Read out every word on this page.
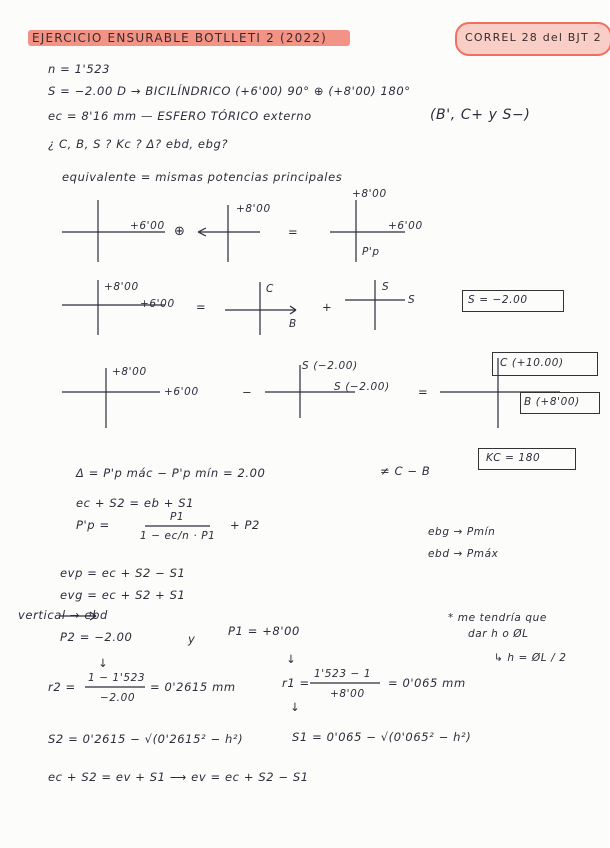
EJERCICIO ENSURABLE BOTLLETI 2 (2022)	CORREL 28 del BJT 2
n = 1'523
S = −2.00 D → BICILÍNDRICO (+6'00) 90° ⊕ (+8'00) 180°
ec = 8'16 mm — ESFERO TÓRICO externo	(B', C+ y S−)
¿ C, B, S ? Kc ? Δ? ebd, ebg?
equivalente = mismas potencias principales
+6'00 ⊕
+8'00
=
+8'00
+6'00
P'p
+8'00
+6'00 =
C
B
+
S
S	S = −2.00
+8'00
+6'00	−
S (−2.00)
S (−2.00) =
C (+10.00)
B (+8'00)
Δ = P'p mác − P'p mín = 2.00	≠ C − B
KC = 180
ec + S2 = eb + S1
P'p =
P1
1 − ec/n · P1
+ P2	ebg → Pmín
ebd → Pmáx
evp = ec + S2 − S1
evg = ec + S2 + S1
vertical → ebd
P2 = −2.00	y
P1 = +8'00
* me tendría que
dar h o ØL
↳ h = ØL / 2
↓	↓
r2 =
1 − 1'523
−2.00
= 0'2615 mm	r1 =
1'523 − 1
+8'00
= 0'065 mm
↓
S2 = 0'2615 − √(0'2615² − h²)	S1 = 0'065 − √(0'065² − h²)
ec + S2 = ev + S1 ⟶ ev = ec + S2 − S1
